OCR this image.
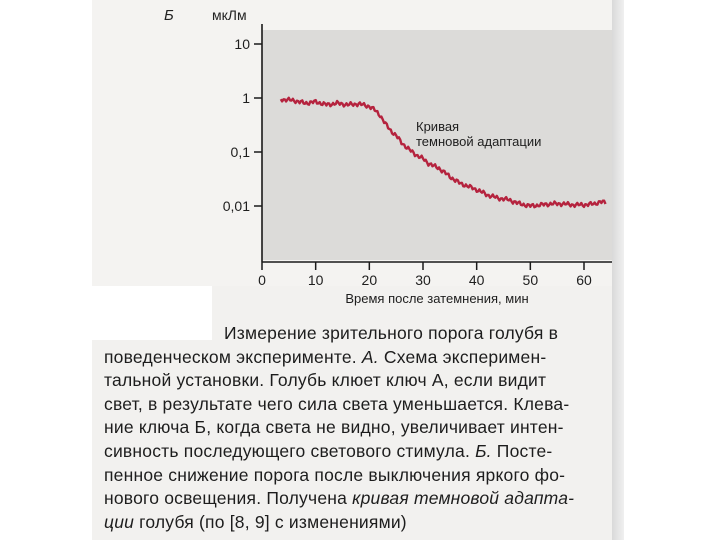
Б	мкЛм
10
1
0,1
0,01
0	10	20	30	40	50	60
Кривая
темновой адаптации
Время после затемнения, мин
Измерение зрительного порога голубя в
поведенческом эксперименте. А. Схема эксперимен-
тальной установки. Голубь клюет ключ А, если видит
свет, в результате чего сила света уменьшается. Клева-
ние ключа Б, когда света не видно, увеличивает интен-
сивность последующего светового стимула. Б. Посте-
пенное снижение порога после выключения яркого фо-
нового освещения. Получена кривая темновой адапта-
ции голубя (по [8, 9] с изменениями)
